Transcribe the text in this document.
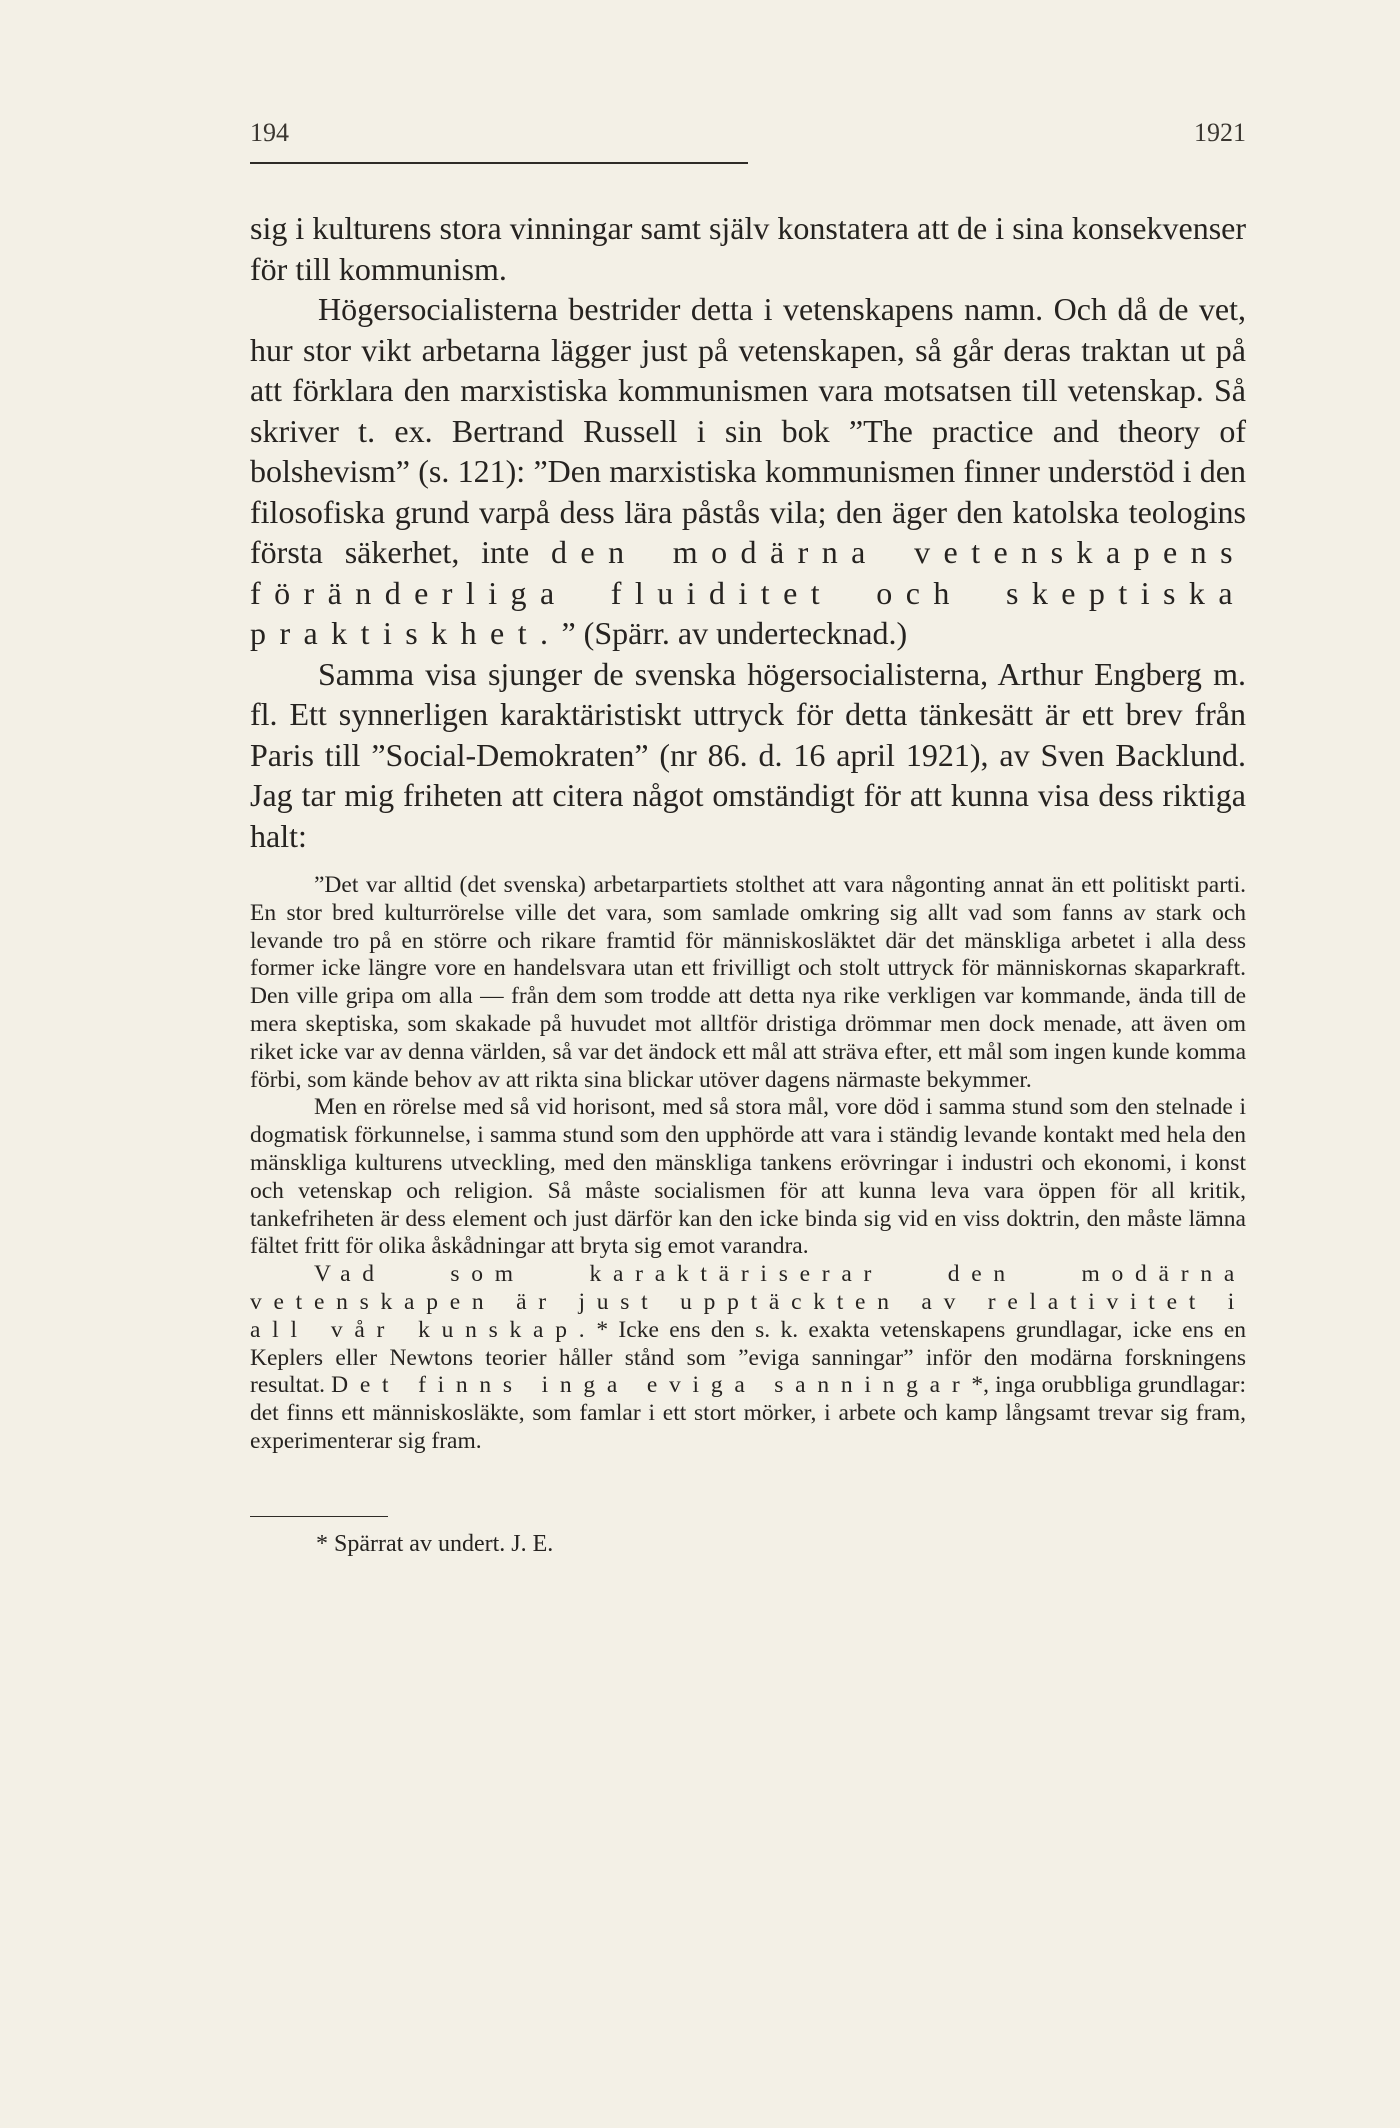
194	1921

sig i kulturens stora vinningar samt själv konstatera att de i sina konsekvenser för till kommunism.

Högersocialisterna bestrider detta i vetenskapens namn. Och då de vet, hur stor vikt arbetarna lägger just på vetenskapen, så går deras traktan ut på att förklara den marxistiska kommunismen vara motsatsen till vetenskap. Så skriver t. ex. Bertrand Russell i sin bok ”The practice and theory of bolshevism” (s. 121): ”Den marxistiska kommunismen finner understöd i den filosofiska grund varpå dess lära påstås vila; den äger den katolska teologins första säkerhet, inte den modärna vetenskapens föränderliga fluiditet och skeptiska praktiskhet.” (Spärr. av undertecknad.)

Samma visa sjunger de svenska högersocialisterna, Arthur Engberg m. fl. Ett synnerligen karaktäristiskt uttryck för detta tänkesätt är ett brev från Paris till ”Social-Demokraten” (nr 86. d. 16 april 1921), av Sven Backlund. Jag tar mig friheten att citera något omständigt för att kunna visa dess riktiga halt:

”Det var alltid (det svenska) arbetarpartiets stolthet att vara någonting annat än ett politiskt parti. En stor bred kulturrörelse ville det vara, som samlade omkring sig allt vad som fanns av stark och levande tro på en större och rikare framtid för människosläktet där det mänskliga arbetet i alla dess former icke längre vore en handelsvara utan ett frivilligt och stolt uttryck för människornas skaparkraft. Den ville gripa om alla — från dem som trodde att detta nya rike verkligen var kommande, ända till de mera skeptiska, som skakade på huvudet mot alltför dristiga drömmar men dock menade, att även om riket icke var av denna världen, så var det ändock ett mål att sträva efter, ett mål som ingen kunde komma förbi, som kände behov av att rikta sina blickar utöver dagens närmaste bekymmer.

Men en rörelse med så vid horisont, med så stora mål, vore död i samma stund som den stelnade i dogmatisk förkunnelse, i samma stund som den upphörde att vara i ständig levande kontakt med hela den mänskliga kulturens utveckling, med den mänskliga tankens erövringar i industri och ekonomi, i konst och vetenskap och religion. Så måste socialismen för att kunna leva vara öppen för all kritik, tankefriheten är dess element och just därför kan den icke binda sig vid en viss doktrin, den måste lämna fältet fritt för olika åskådningar att bryta sig emot varandra.

Vad som karaktäriserar den modärna vetenskapen är just upptäckten av relativitet i all vår kunskap.* Icke ens den s. k. exakta vetenskapens grundlagar, icke ens en Keplers eller Newtons teorier håller stånd som ”eviga sanningar” inför den modärna forskningens resultat. Det finns inga eviga sanningar*, inga orubbliga grundlagar: det finns ett människosläkte, som famlar i ett stort mörker, i arbete och kamp långsamt trevar sig fram, experimenterar sig fram.

* Spärrat av undert. J. E.
